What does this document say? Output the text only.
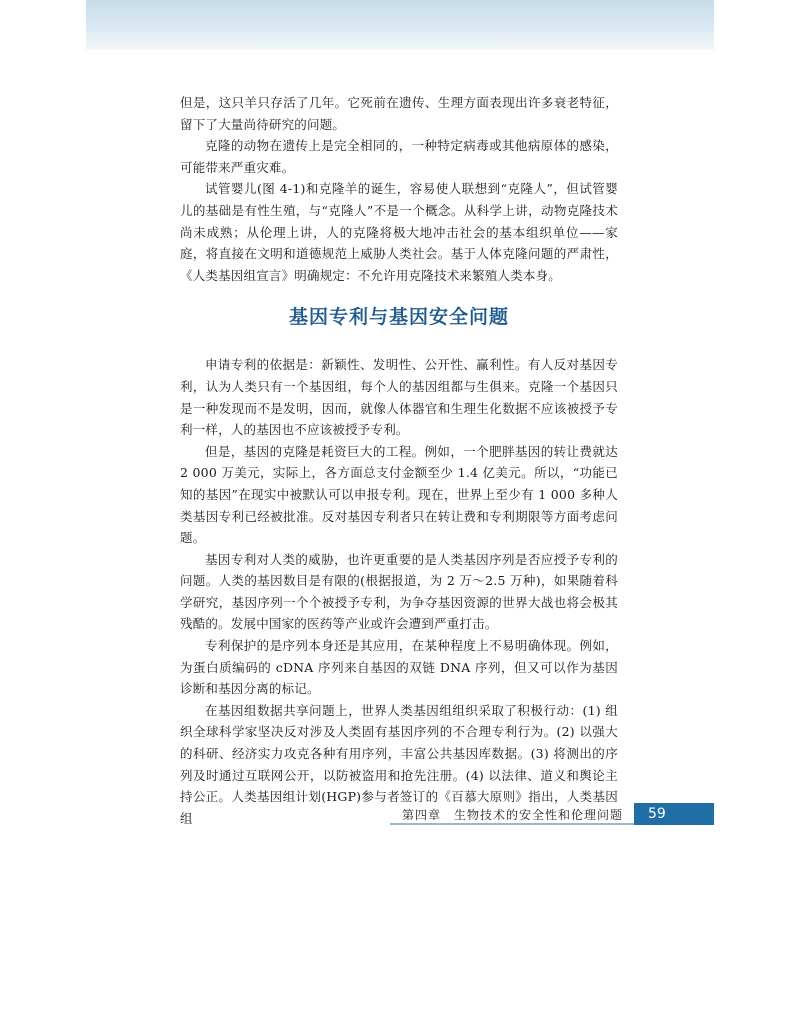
但是，这只羊只存活了几年。它死前在遗传、生理方面表现出许多衰老特征，留下了大量尚待研究的问题。

克隆的动物在遗传上是完全相同的，一种特定病毒或其他病原体的感染，可能带来严重灾难。

试管婴儿(图 4-1)和克隆羊的诞生，容易使人联想到“克隆人”，但试管婴儿的基础是有性生殖，与“克隆人”不是一个概念。从科学上讲，动物克隆技术尚未成熟；从伦理上讲，人的克隆将极大地冲击社会的基本组织单位——家庭，将直接在文明和道德规范上威胁人类社会。基于人体克隆问题的严肃性，《人类基因组宣言》明确规定：不允许用克隆技术来繁殖人类本身。

基因专利与基因安全问题

申请专利的依据是：新颖性、发明性、公开性、赢利性。有人反对基因专利，认为人类只有一个基因组，每个人的基因组都与生俱来。克隆一个基因只是一种发现而不是发明，因而，就像人体器官和生理生化数据不应该被授予专利一样，人的基因也不应该被授予专利。

但是，基因的克隆是耗资巨大的工程。例如，一个肥胖基因的转让费就达 2 000 万美元，实际上，各方面总支付金额至少 1.4 亿美元。所以，“功能已知的基因”在现实中被默认可以申报专利。现在，世界上至少有 1 000 多种人类基因专利已经被批准。反对基因专利者只在转让费和专利期限等方面考虑问题。

基因专利对人类的威胁，也许更重要的是人类基因序列是否应授予专利的问题。人类的基因数目是有限的(根据报道，为 2 万～2.5 万种)，如果随着科学研究，基因序列一个个被授予专利，为争夺基因资源的世界大战也将会极其残酷的。发展中国家的医药等产业或许会遭到严重打击。

专利保护的是序列本身还是其应用，在某种程度上不易明确体现。例如，为蛋白质编码的 cDNA 序列来自基因的双链 DNA 序列，但又可以作为基因诊断和基因分离的标记。

在基因组数据共享问题上，世界人类基因组组织采取了积极行动：(1) 组织全球科学家坚决反对涉及人类固有基因序列的不合理专利行为。(2) 以强大的科研、经济实力攻克各种有用序列，丰富公共基因库数据。(3) 将测出的序列及时通过互联网公开，以防被盗用和抢先注册。(4) 以法律、道义和舆论主持公正。人类基因组计划(HGP)参与者签订的《百慕大原则》指出，人类基因组	第四章　生物技术的安全性和伦理问题	59
